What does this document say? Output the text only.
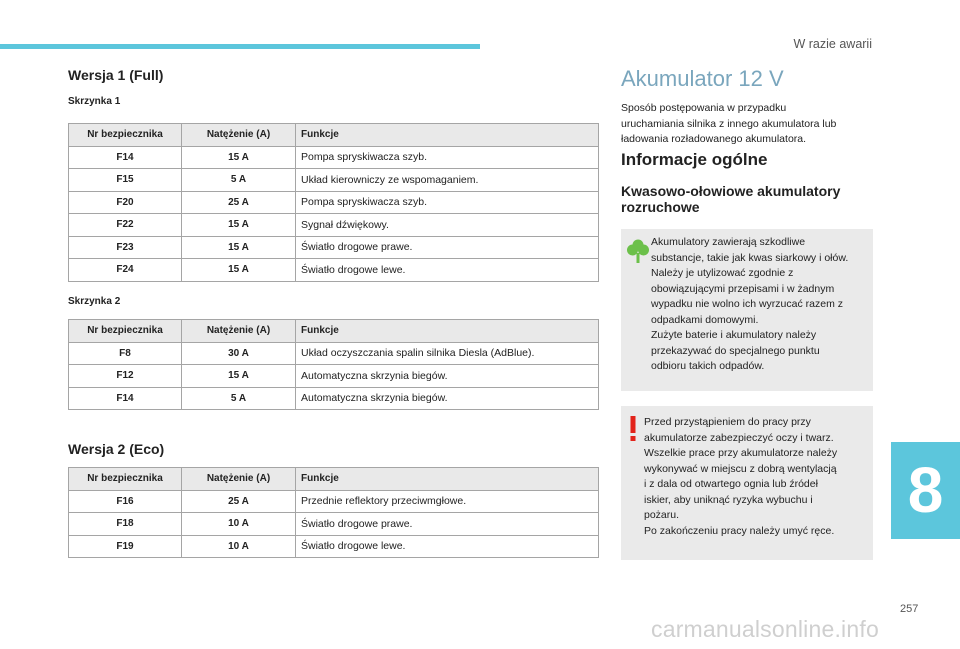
W razie awarii
Wersja 1 (Full)
Skrzynka 1
Nr bezpiecznika	Natężenie (A)	Funkcje
F14	15 A	Pompa spryskiwacza szyb.
F15	5 A	Układ kierowniczy ze wspomaganiem.
F20	25 A	Pompa spryskiwacza szyb.
F22	15 A	Sygnał dźwiękowy.
F23	15 A	Światło drogowe prawe.
F24	15 A	Światło drogowe lewe.
Skrzynka 2
Nr bezpiecznika	Natężenie (A)	Funkcje
F8	30 A	Układ oczyszczania spalin silnika Diesla (AdBlue).
F12	15 A	Automatyczna skrzynia biegów.
F14	5 A	Automatyczna skrzynia biegów.
Wersja 2 (Eco)
Nr bezpiecznika	Natężenie (A)	Funkcje
F16	25 A	Przednie reflektory przeciwmgłowe.
F18	10 A	Światło drogowe prawe.
F19	10 A	Światło drogowe lewe.
Akumulator 12 V
Sposób postępowania w przypadku
uruchamiania silnika z innego akumulatora lub
ładowania rozładowanego akumulatora.
Informacje ogólne
Kwasowo-ołowiowe akumulatory
rozruchowe
Akumulatory zawierają szkodliwe
substancje, takie jak kwas siarkowy i ołów.
Należy je utylizować zgodnie z
obowiązującymi przepisami i w żadnym
wypadku nie wolno ich wyrzucać razem z
odpadkami domowymi.
Zużyte baterie i akumulatory należy
przekazywać do specjalnego punktu
odbioru takich odpadów.
Przed przystąpieniem do pracy przy
akumulatorze zabezpieczyć oczy i twarz.
Wszelkie prace przy akumulatorze należy
wykonywać w miejscu z dobrą wentylacją
i z dala od otwartego ognia lub źródeł
iskier, aby uniknąć ryzyka wybuchu i
pożaru.
Po zakończeniu pracy należy umyć ręce.
8
257
carmanualsonline.info
